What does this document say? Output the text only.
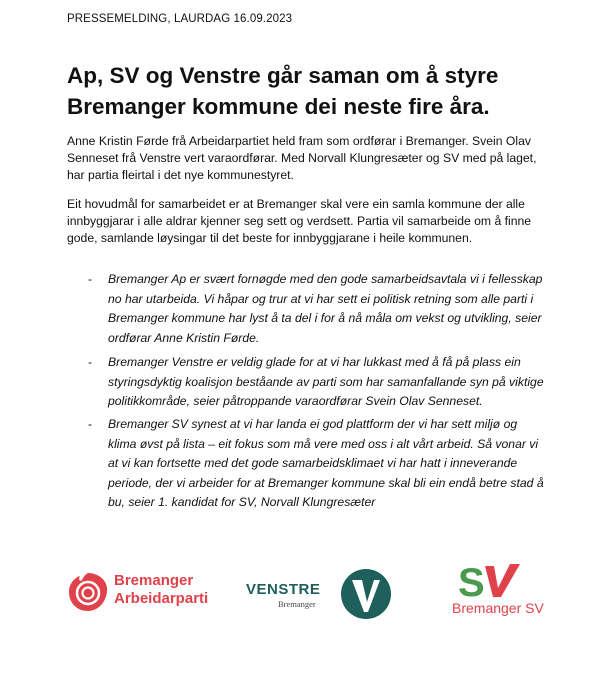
PRESSEMELDING, LAURDAG 16.09.2023
Ap, SV og Venstre går saman om å styre Bremanger kommune dei neste fire åra.

Anne Kristin Førde frå Arbeidarpartiet held fram som ordførar i Bremanger. Svein Olav Senneset frå Venstre vert varaordførar. Med Norvall Klungresæter og SV med på laget, har partia fleirtal i det nye kommunestyret.

Eit hovudmål for samarbeidet er at Bremanger skal vere ein samla kommune der alle innbyggjarar i alle aldrar kjenner seg sett og verdsett. Partia vil samarbeide om å finne gode, samlande løysingar til det beste for innbyggjarane i heile kommunen.

- Bremanger Ap er svært fornøgde med den gode samarbeidsavtala vi i fellesskap no har utarbeida. Vi håpar og trur at vi har sett ei politisk retning som alle parti i Bremanger kommune har lyst å ta del i for å nå måla om vekst og utvikling, seier ordførar Anne Kristin Førde.
- Bremanger Venstre er veldig glade for at vi har lukkast med å få på plass ein styringsdyktig koalisjon beståande av parti som har samanfallande syn på viktige politikkområde, seier påtroppande varaordførar Svein Olav Senneset.
- Bremanger SV synest at vi har landa ei god plattform der vi har sett miljø og klima øvst på lista – eit fokus som må vere med oss i alt vårt arbeid. Så vonar vi at vi kan fortsette med det gode samarbeidsklimaet vi har hatt i inneverande periode, der vi arbeider for at Bremanger kommune skal bli ein endå betre stad å bu, seier 1. kandidat for SV, Norvall Klungresæter
Bremanger
Arbeidarparti
VENSTRE
Bremanger	S
Bremanger SV
